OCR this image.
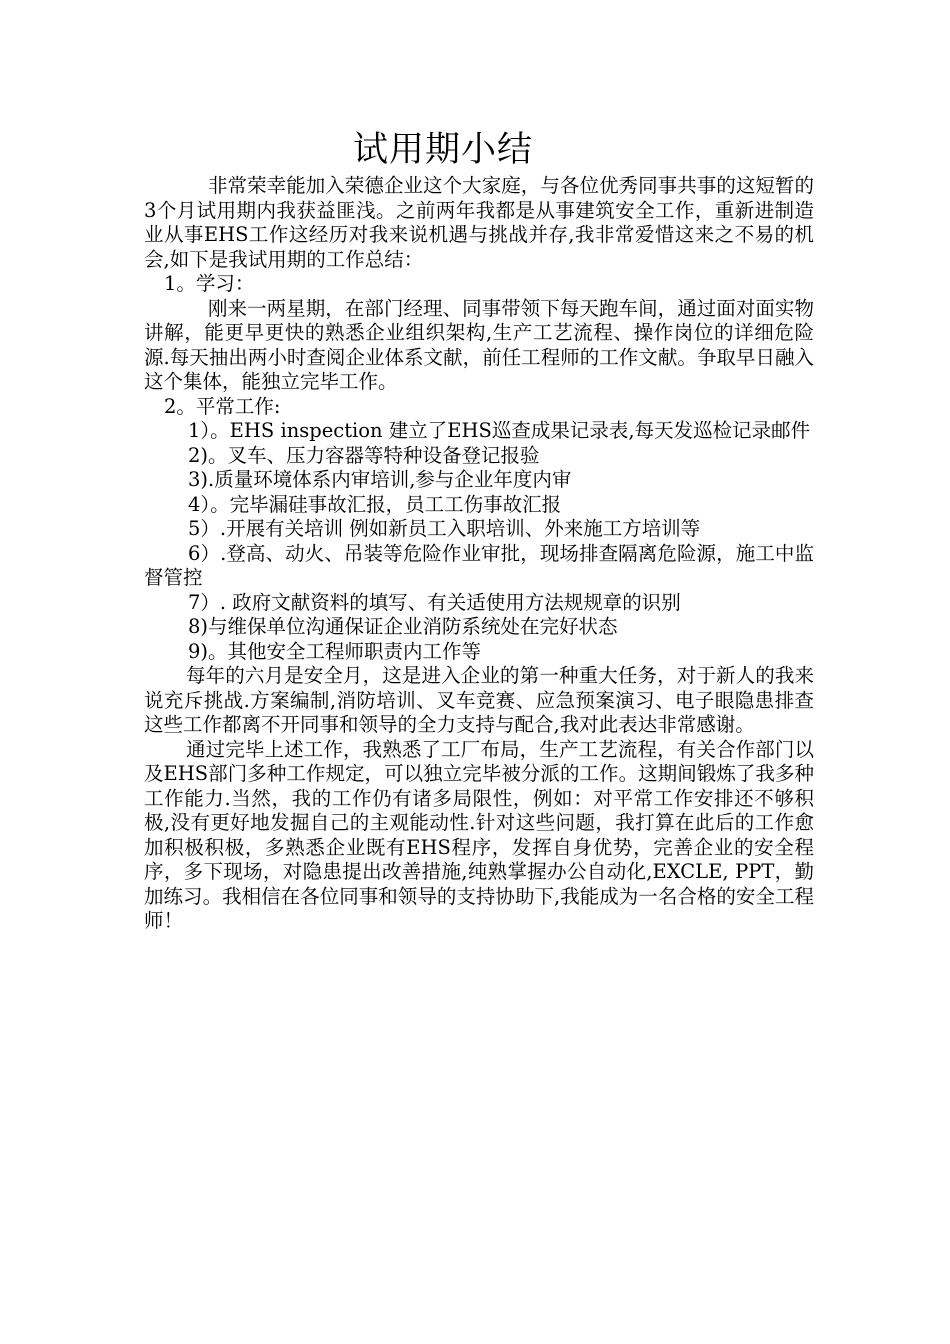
试用期小结

非常荣幸能加入荣德企业这个大家庭，与各位优秀同事共事的这短暂的3个月试用期内我获益匪浅。之前两年我都是从事建筑安全工作，重新进制造业从事EHS工作这经历对我来说机遇与挑战并存,我非常爱惜这来之不易的机会,如下是我试用期的工作总结：

1。学习：

刚来一两星期，在部门经理、同事带领下每天跑车间，通过面对面实物讲解，能更早更快的熟悉企业组织架构,生产工艺流程、操作岗位的详细危险源.每天抽出两小时查阅企业体系文献，前任工程师的工作文献。争取早日融入这个集体，能独立完毕工作。

2。平常工作:

1）。EHS inspection 建立了EHS巡查成果记录表,每天发巡检记录邮件

2)。叉车、压力容器等特种设备登记报验

3).质量环境体系内审培训,参与企业年度内审

4）。完毕漏硅事故汇报，员工工伤事故汇报

5）.开展有关培训 例如新员工入职培训、外来施工方培训等

6）.登高、动火、吊装等危险作业审批，现场排查隔离危险源，施工中监督管控

7）. 政府文献资料的填写、有关适使用方法规规章的识别

8)与维保单位沟通保证企业消防系统处在完好状态

9)。其他安全工程师职责内工作等

每年的六月是安全月，这是进入企业的第一种重大任务，对于新人的我来说充斥挑战.方案编制,消防培训、叉车竞赛、应急预案演习、电子眼隐患排查这些工作都离不开同事和领导的全力支持与配合,我对此表达非常感谢。

通过完毕上述工作，我熟悉了工厂布局，生产工艺流程，有关合作部门以及EHS部门多种工作规定，可以独立完毕被分派的工作。这期间锻炼了我多种工作能力.当然，我的工作仍有诸多局限性，例如：对平常工作安排还不够积极,没有更好地发掘自己的主观能动性.针对这些问题，我打算在此后的工作愈加积极积极，多熟悉企业既有EHS程序，发挥自身优势，完善企业的安全程序，多下现场，对隐患提出改善措施,纯熟掌握办公自动化,EXCLE, PPT，勤加练习。我相信在各位同事和领导的支持协助下,我能成为一名合格的安全工程师！
